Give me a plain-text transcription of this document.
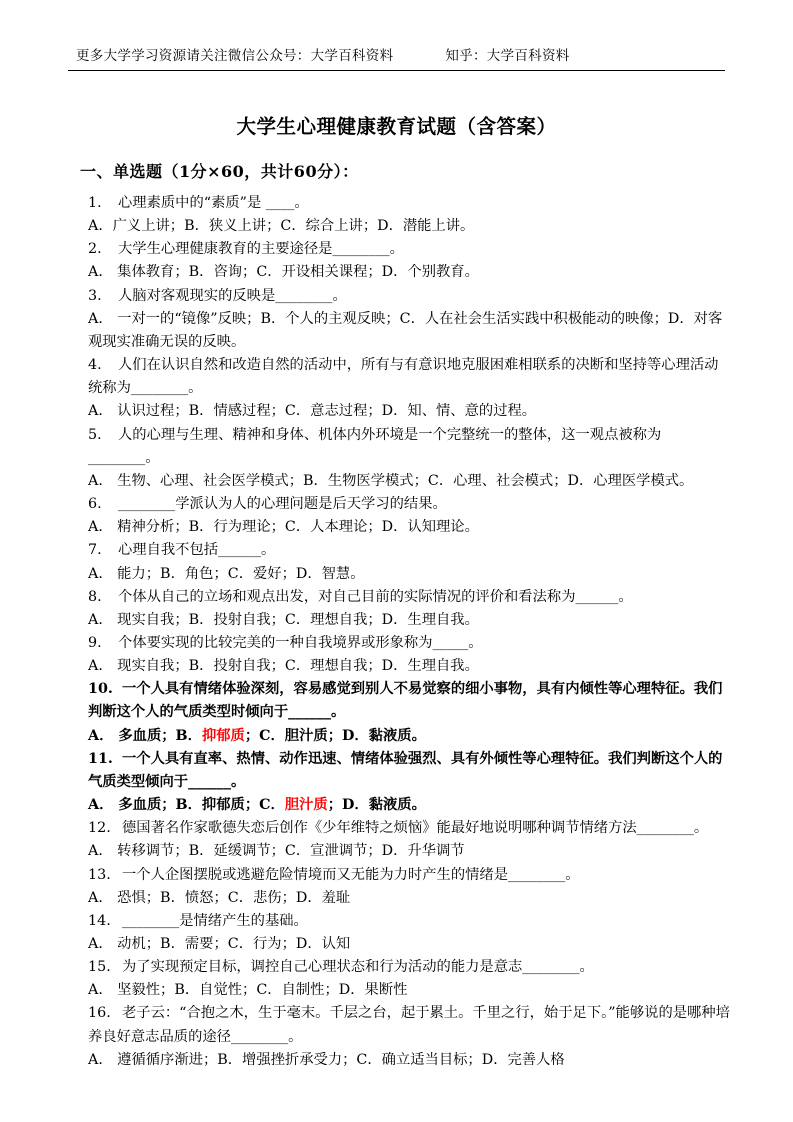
更多大学学习资源请关注微信公众号：大学百科资料	知乎：大学百科资料
大学生心理健康教育试题（含答案）
一、单选题（1分×60，共计60分）：
1. 心理素质中的“素质”是 ____。
A．广义上讲；B．狭义上讲；C．综合上讲；D．潜能上讲。
2. 大学生心理健康教育的主要途径是________。
A． 集体教育；B．咨询；C．开设相关课程；D．个别教育。
3. 人脑对客观现实的反映是________。
A． 一对一的“镜像”反映；B．个人的主观反映；C．人在社会生活实践中积极能动的映像；D．对客观现实准确无误的反映。
4. 人们在认识自然和改造自然的活动中，所有与有意识地克服困难相联系的决断和坚持等心理活动统称为________。
A． 认识过程；B．情感过程；C．意志过程；D．知、情、意的过程。
5. 人的心理与生理、精神和身体、机体内外环境是一个完整统一的整体，这一观点被称为________。
A． 生物、心理、社会医学模式；B．生物医学模式；C．心理、社会模式；D．心理医学模式。
6. ________学派认为人的心理问题是后天学习的结果。
A． 精神分析；B．行为理论；C．人本理论；D．认知理论。
7. 心理自我不包括______。
A． 能力；B．角色；C．爱好；D．智慧。
8. 个体从自己的立场和观点出发，对自己目前的实际情况的评价和看法称为______。
A． 现实自我；B．投射自我；C．理想自我；D．生理自我。
9. 个体要实现的比较完美的一种自我境界或形象称为_____。
A． 现实自我；B．投射自我；C．理想自我；D．生理自我。
10. 一个人具有情绪体验深刻，容易感觉到别人不易觉察的细小事物，具有内倾性等心理特征。我们判断这个人的气质类型时倾向于______。
A． 多血质；B．抑郁质；C．胆汁质；D．黏液质。
11. 一个人具有直率、热情、动作迅速、情绪体验强烈、具有外倾性等心理特征。我们判断这个人的气质类型倾向于______。
A． 多血质；B．抑郁质；C．胆汁质；D．黏液质。
12. 德国著名作家歌德失恋后创作《少年维特之烦恼》能最好地说明哪种调节情绪方法________。
A． 转移调节；B．延缓调节；C．宣泄调节；D．升华调节
13. 一个人企图摆脱或逃避危险情境而又无能为力时产生的情绪是________。
A． 恐惧；B．愤怒；C．悲伤；D．羞耻
14. ________是情绪产生的基础。
A． 动机；B．需要；C．行为；D．认知
15. 为了实现预定目标，调控自己心理状态和行为活动的能力是意志________。
A． 坚毅性；B．自觉性；C．自制性；D．果断性
16. 老子云：“合抱之木，生于毫末。千层之台，起于累土。千里之行，始于足下。”能够说的是哪种培养良好意志品质的途径________。
A． 遵循循序渐进；B．增强挫折承受力；C．确立适当目标；D．完善人格
